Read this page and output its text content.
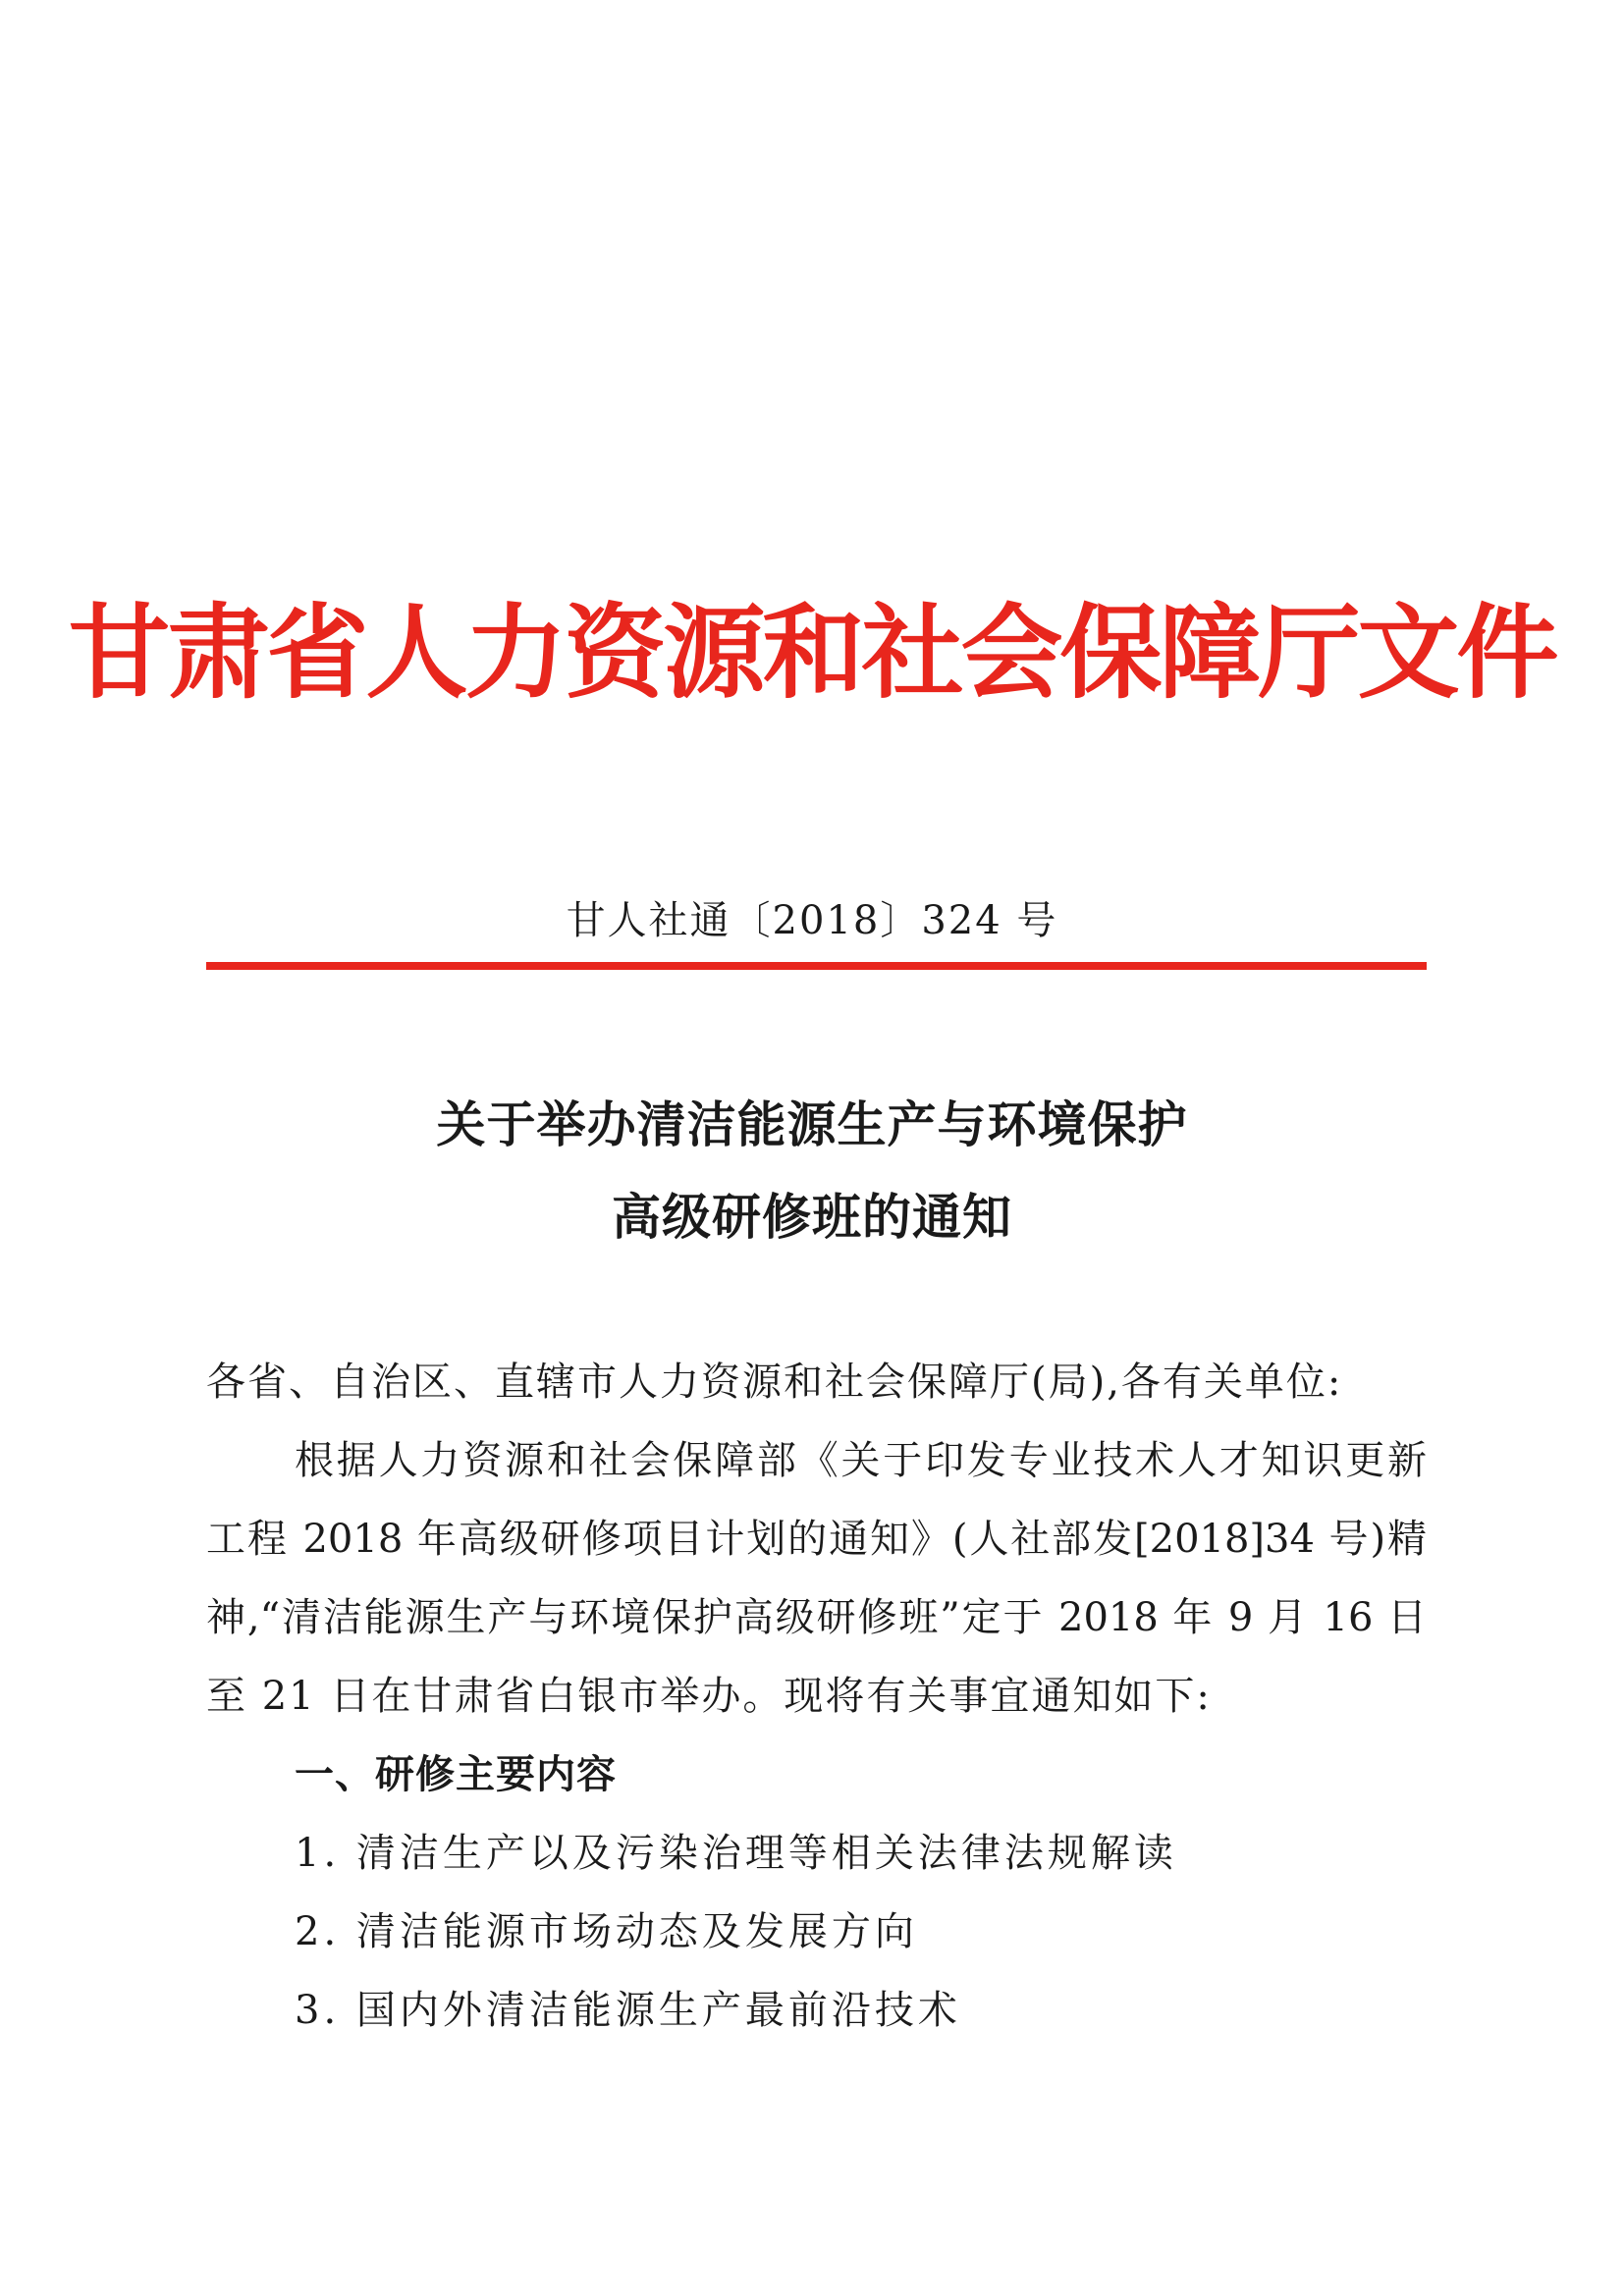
甘肃省人力资源和社会保障厅文件
甘人社通〔2018〕324 号
关于举办清洁能源生产与环境保护
高级研修班的通知
各省、自治区、直辖市人力资源和社会保障厅(局),各有关单位:
根据人力资源和社会保障部《关于印发专业技术人才知识更新
工程 2018 年高级研修项目计划的通知》(人社部发[2018]34 号)精
神,“清洁能源生产与环境保护高级研修班”定于 2018 年 9 月 16 日
至 21 日在甘肃省白银市举办。现将有关事宜通知如下:
一、研修主要内容
1. 清洁生产以及污染治理等相关法律法规解读
2. 清洁能源市场动态及发展方向
3. 国内外清洁能源生产最前沿技术
